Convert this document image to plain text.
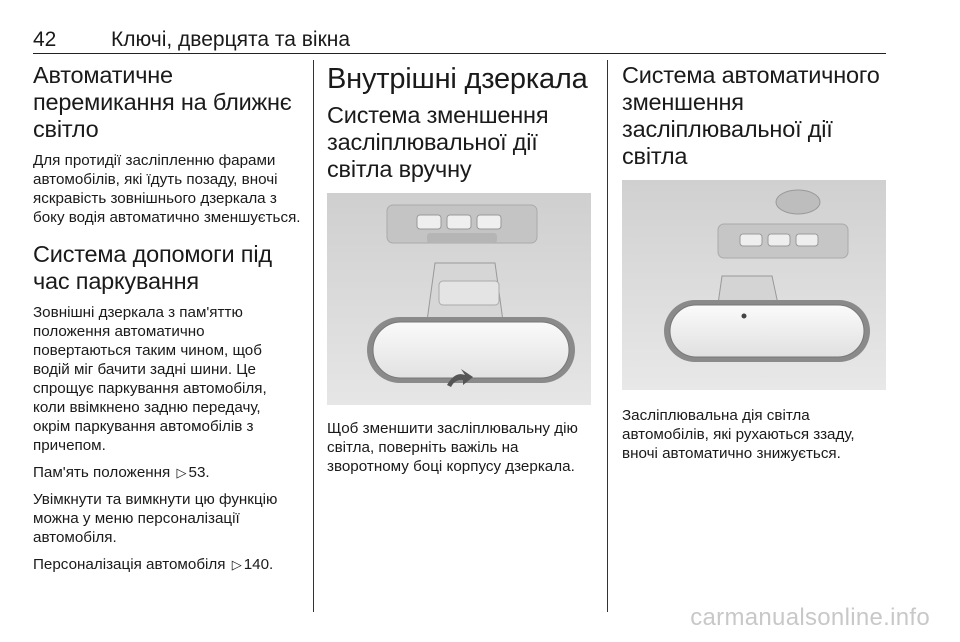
42	Ключі, дверцята та вікна
Автоматичне перемикання на ближнє світло

Для протидії засліпленню фарами автомобілів, які їдуть позаду, вночі яскравість зовнішнього дзеркала з боку водія автоматично зменшується.

Система допомоги під час паркування

Зовнішні дзеркала з пам'яттю положення автоматично повертаються таким чином, щоб водій міг бачити задні шини. Це спрощує паркування автомобіля, коли ввімкнено задню передачу, окрім паркування автомобілів з причепом.

Пам'ять положення ▷ 53.

Увімкнути та вимкнути цю функцію можна у меню персоналізації автомобіля.

Персоналізація автомобіля ▷ 140.

Внутрішні дзеркала
Система зменшення засліплювальної дії світла вручну

Щоб зменшити засліплювальну дію світла, поверніть важіль на зворотному боці корпусу дзеркала.

Система автоматичного зменшення засліплювальної дії світла

Засліплювальна дія світла автомобілів, які рухаються ззаду, вночі автоматично знижується.

carmanualsonline.info
